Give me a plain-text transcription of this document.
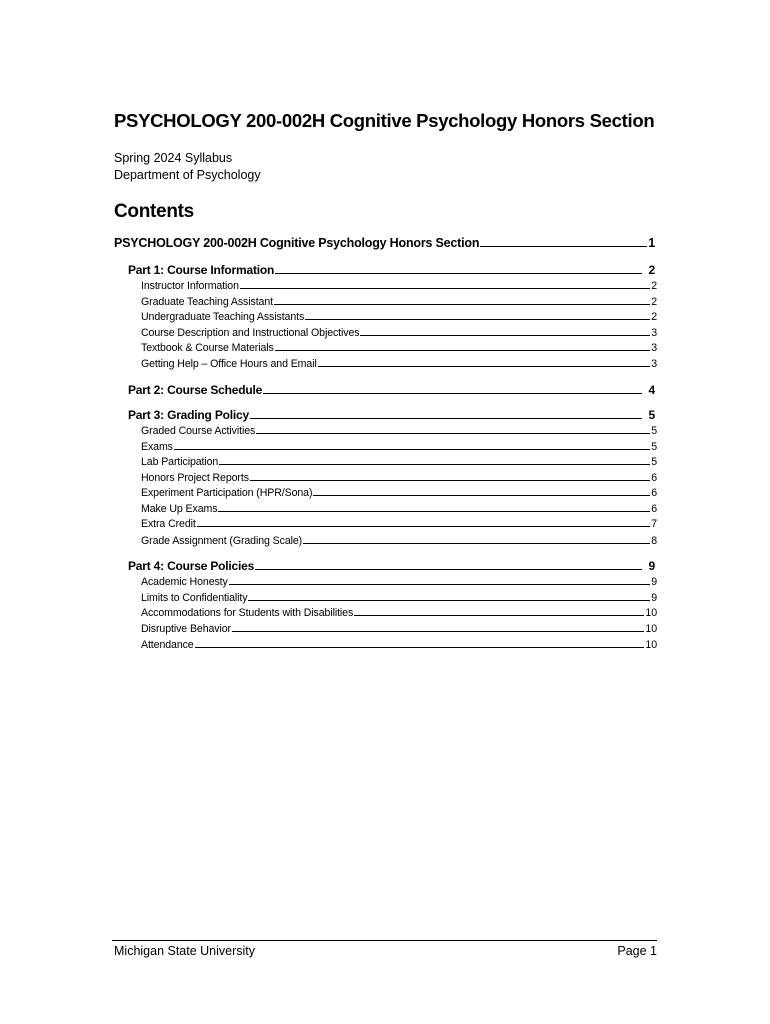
PSYCHOLOGY 200-002H Cognitive Psychology Honors Section
Spring 2024 Syllabus
Department of Psychology
Contents
PSYCHOLOGY 200-002H Cognitive Psychology Honors Section	1
Part 1: Course Information	2
Instructor Information	2
Graduate Teaching Assistant	2
Undergraduate Teaching Assistants	2
Course Description and Instructional Objectives	3
Textbook & Course Materials	3
Getting Help – Office Hours and Email	3
Part 2: Course Schedule	4
Part 3: Grading Policy	5
Graded Course Activities	5
Exams	5
Lab Participation	5
Honors Project Reports	6
Experiment Participation (HPR/Sona)	6
Make Up Exams	6
Extra Credit	7
Grade Assignment (Grading Scale)	8
Part 4: Course Policies	9
Academic Honesty	9
Limits to Confidentiality	9
Accommodations for Students with Disabilities	10
Disruptive Behavior	10
Attendance	10
Michigan State University	Page 1
